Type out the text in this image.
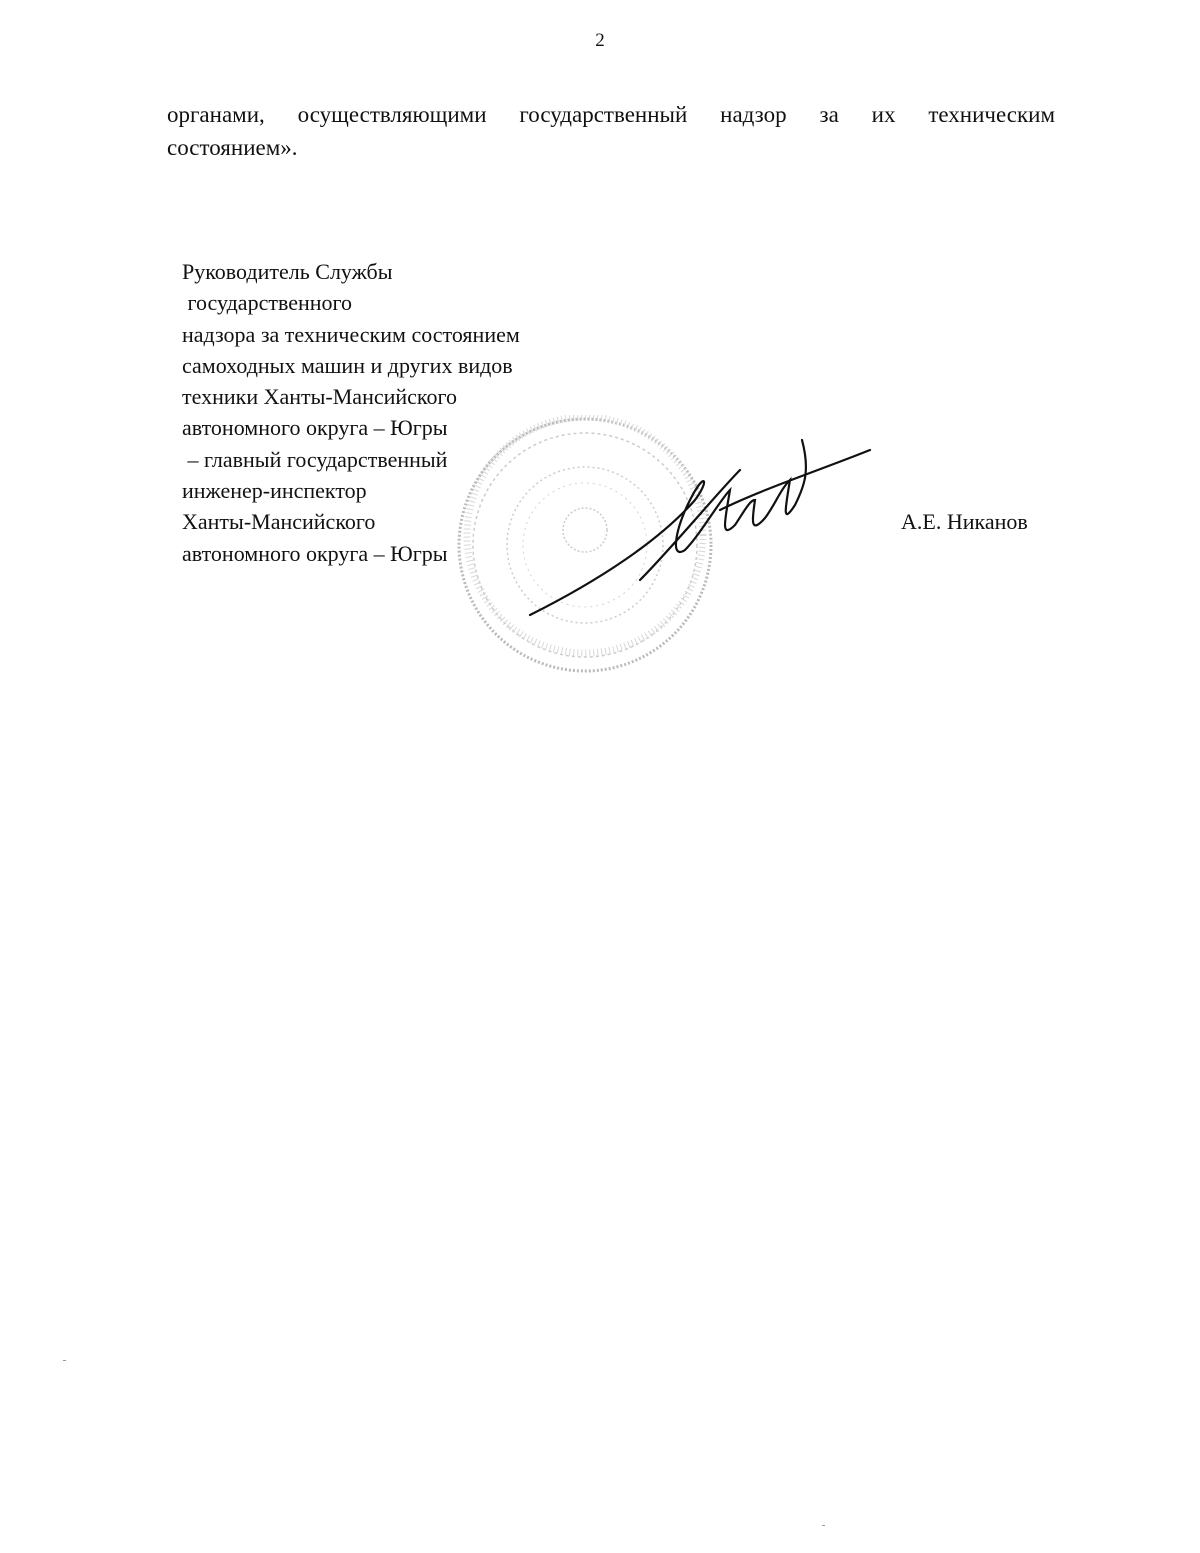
2
органами, осуществляющими государственный надзор за их техническим
состоянием».
Руководитель Службы
государственного
надзора за техническим состоянием
самоходных машин и других видов
техники Ханты-Мансийского
автономного округа – Югры
– главный государственный
инженер-инспектор
Ханты-Мансийского
автономного округа – Югры
А.Е. Никанов
